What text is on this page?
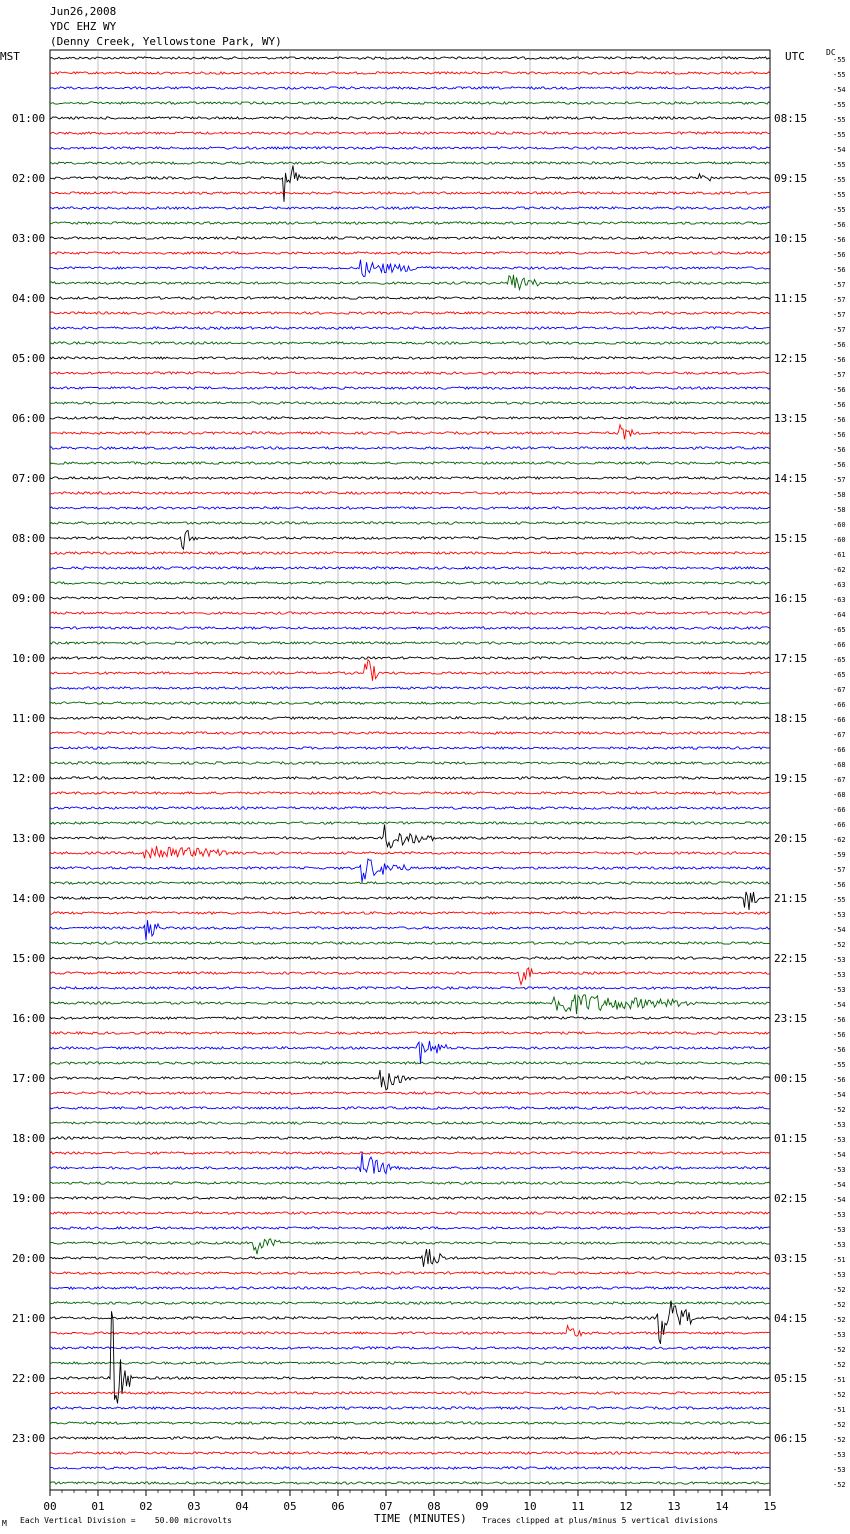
Jun26,2008
YDC EHZ WY
(Denny Creek, Yellowstone Park, WY)
MST	UTC	DC
-55
-55
-54
-55
-55
-55
-54
-55
-55
-55
-55
-56
-56
-56
-56
-57
-57
-57
-57
-56
-56
-57
-56
-56
-56
-56
-56
-56
-57
-58
-58
-60
-60
-61
-62
-63
-63
-64
-65
-66
-65
-65
-67
-66
-66
-67
-66
-68
-67
-68
-66
-66
-62
-59
-57
-56
-55
-53
-54
-52
-53
-53
-53
-54
-56
-56
-56
-55
-56
-54
-52
-53
-53
-54
-53
-54
-54
-53
-53
-53
-51
-53
-52
-52
-52
-53
-52
-52
-51
-52
-51
-52
-52
-53
-53
-52
01:00
02:00
03:00
04:00
05:00
06:00
07:00
08:00
09:00
10:00
11:00
12:00
13:00
14:00
15:00
16:00
17:00
18:00
19:00
20:00
21:00
22:00
23:00
08:15
09:15
10:15
11:15
12:15
13:15
14:15
15:15
16:15
17:15
18:15
19:15
20:15
21:15
22:15
23:15
00:15
01:15
02:15
03:15
04:15
05:15
06:15
00	01	02	03	04	05	06	07	08	09	10	11	12	13	14	15
TIME (MINUTES)
M Each Vertical Division =    50.00 microvolts	Traces clipped at plus/minus 5 vertical divisions
